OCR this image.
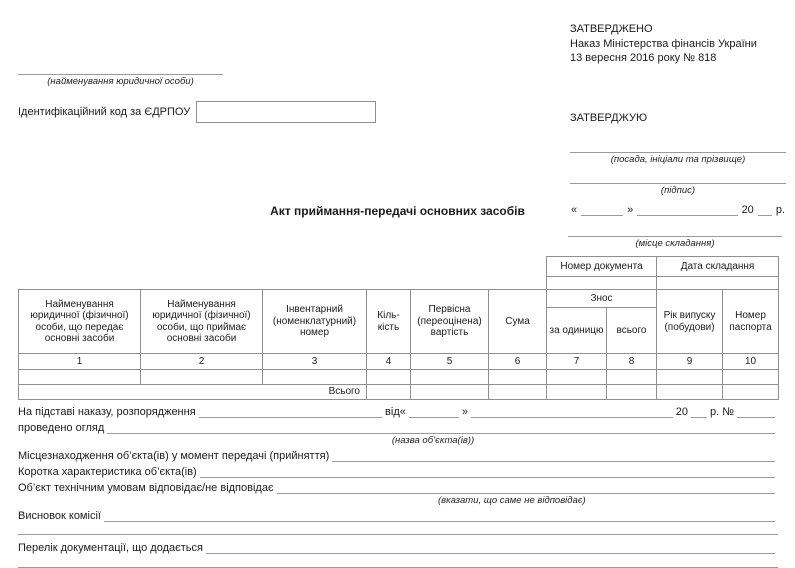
ЗАТВЕРДЖЕНО
Наказ Міністерства фінансів України
13 вересня 2016 року № 818
(найменування юридичної особи)
Ідентифікаційний код за ЄДРПОУ	ЗАТВЕРДЖУЮ
(посада, ініціали та прізвище)
(підпис)
«	»	20 р.
Акт приймання-передачі основних засобів
(місце складання)
						Номер документа		Дата складання	

Найменування юридичної (фізичної) особи, що передає основні засоби	Найменування юридичної (фізичної) особи, що приймає основні засоби	Інвентарний (номенклатурний) номер	Кіль-кість	Первісна (переоцінена) вартість	Сума	Знос		Рік випуску (побудови)	Номер паспорта
						за одиницю	всього		
1	2	3	4	5	6	7	8	9	10

Всього									
На підставі наказу, розпорядження	від «	»	20 р. №
проведено огляд
(назва об’єкта(ів))
Місцезнаходження об’єкта(ів) у момент передачі (прийняття)
Коротка характеристика об’єкта(ів)
Об’єкт технічним умовам відповідає/не відповідає
(вказати, що саме не відповідає)
Висновок комісії
Перелік документації, що додається
